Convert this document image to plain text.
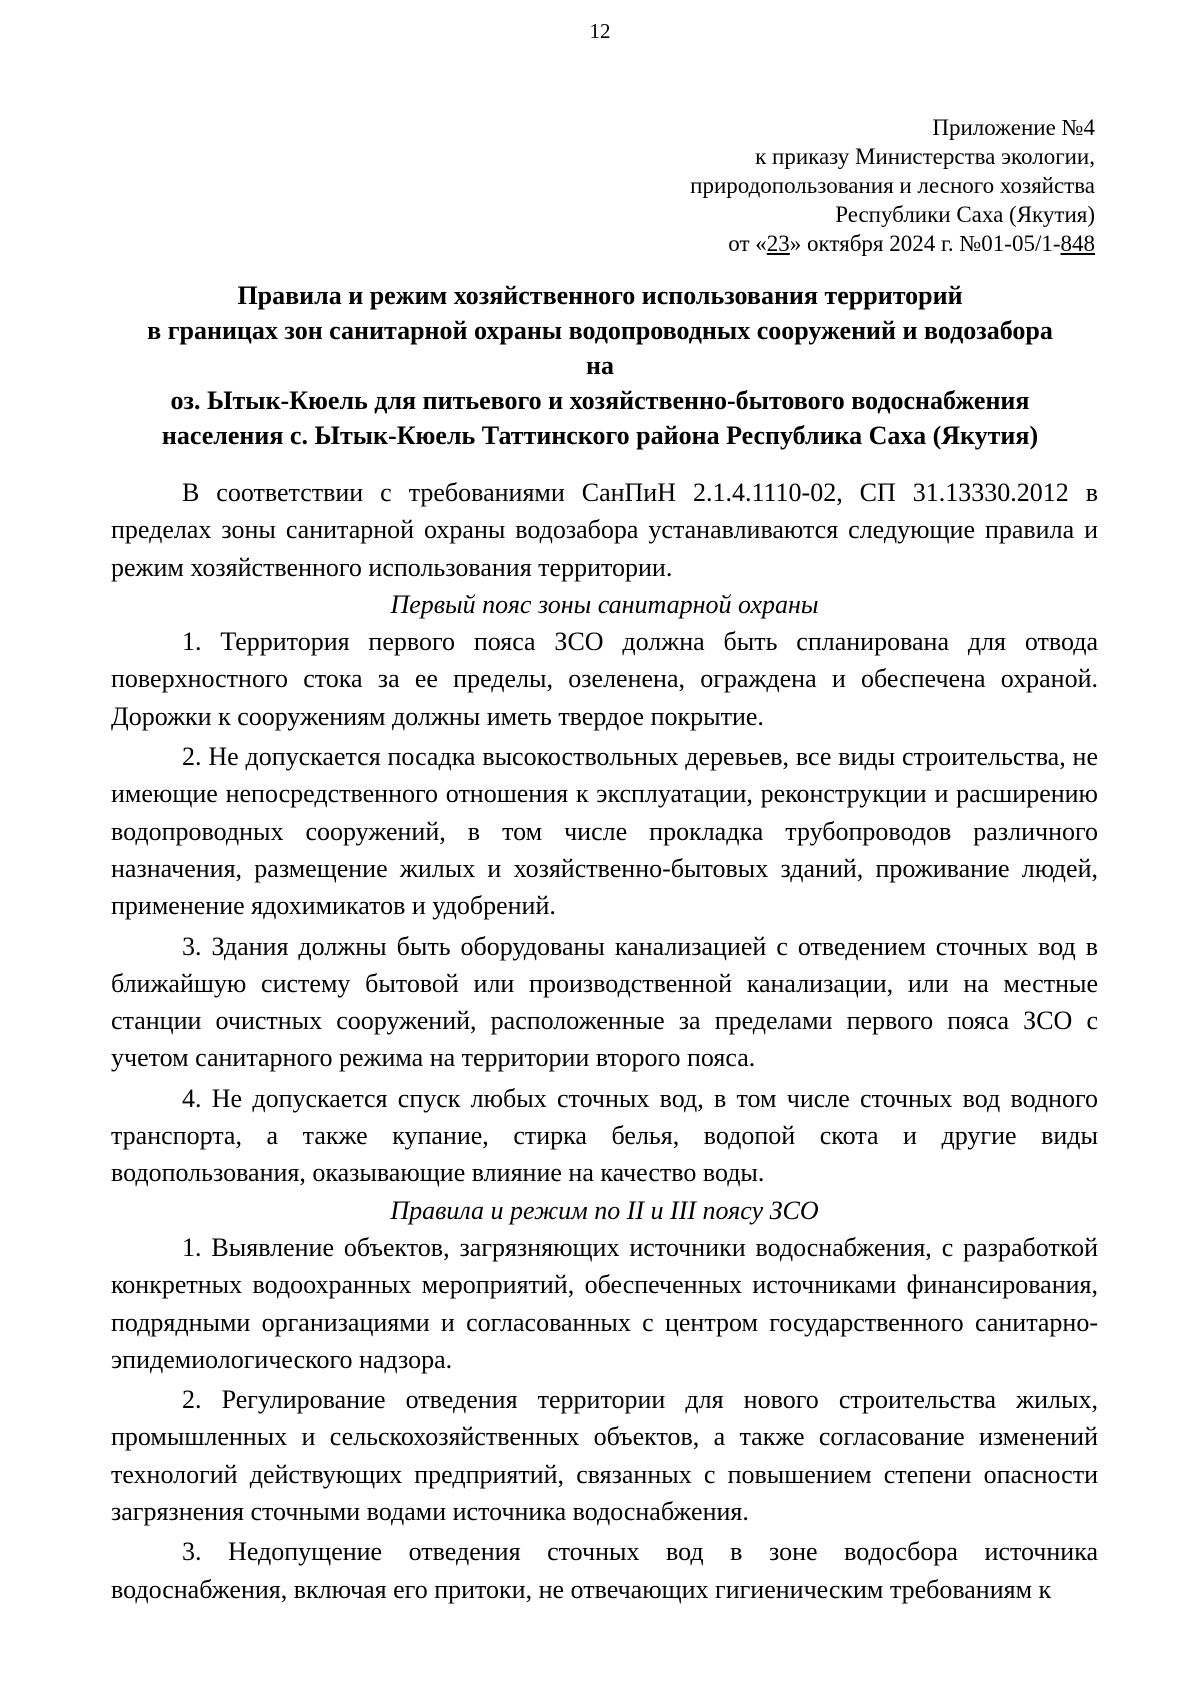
12
Приложение №4
к приказу Министерства экологии,
природопользования и лесного хозяйства
Республики Саха (Якутия)
от «23» октября 2024 г. №01-05/1-848
Правила и режим хозяйственного использования территорий
в границах зон санитарной охраны водопроводных сооружений и водозабора
на
оз. Ытык-Кюель для питьевого и хозяйственно-бытового водоснабжения
населения с. Ытык-Кюель Таттинского района Республика Саха (Якутия)

В соответствии с требованиями СанПиН 2.1.4.1110-02, СП 31.13330.2012 в пределах зоны санитарной охраны водозабора устанавливаются следующие правила и режим хозяйственного использования территории.

Первый пояс зоны санитарной охраны

1. Территория первого пояса ЗСО должна быть спланирована для отвода поверхностного стока за ее пределы, озеленена, ограждена и обеспечена охраной. Дорожки к сооружениям должны иметь твердое покрытие.

2. Не допускается посадка высокоствольных деревьев, все виды строительства, не имеющие непосредственного отношения к эксплуатации, реконструкции и расширению водопроводных сооружений, в том числе прокладка трубопроводов различного назначения, размещение жилых и хозяйственно-бытовых зданий, проживание людей, применение ядохимикатов и удобрений.

3. Здания должны быть оборудованы канализацией с отведением сточных вод в ближайшую систему бытовой или производственной канализации, или на местные станции очистных сооружений, расположенные за пределами первого пояса ЗСО с учетом санитарного режима на территории второго пояса.

4. Не допускается спуск любых сточных вод, в том числе сточных вод водного транспорта, а также купание, стирка белья, водопой скота и другие виды водопользования, оказывающие влияние на качество воды.

Правила и режим по II и III поясу ЗСО

1. Выявление объектов, загрязняющих источники водоснабжения, с разработкой конкретных водоохранных мероприятий, обеспеченных источниками финансирования, подрядными организациями и согласованных с центром государственного санитарно-эпидемиологического надзора.

2. Регулирование отведения территории для нового строительства жилых, промышленных и сельскохозяйственных объектов, а также согласование изменений технологий действующих предприятий, связанных с повышением степени опасности загрязнения сточными водами источника водоснабжения.

3. Недопущение отведения сточных вод в зоне водосбора источника водоснабжения, включая его притоки, не отвечающих гигиеническим требованиям к
